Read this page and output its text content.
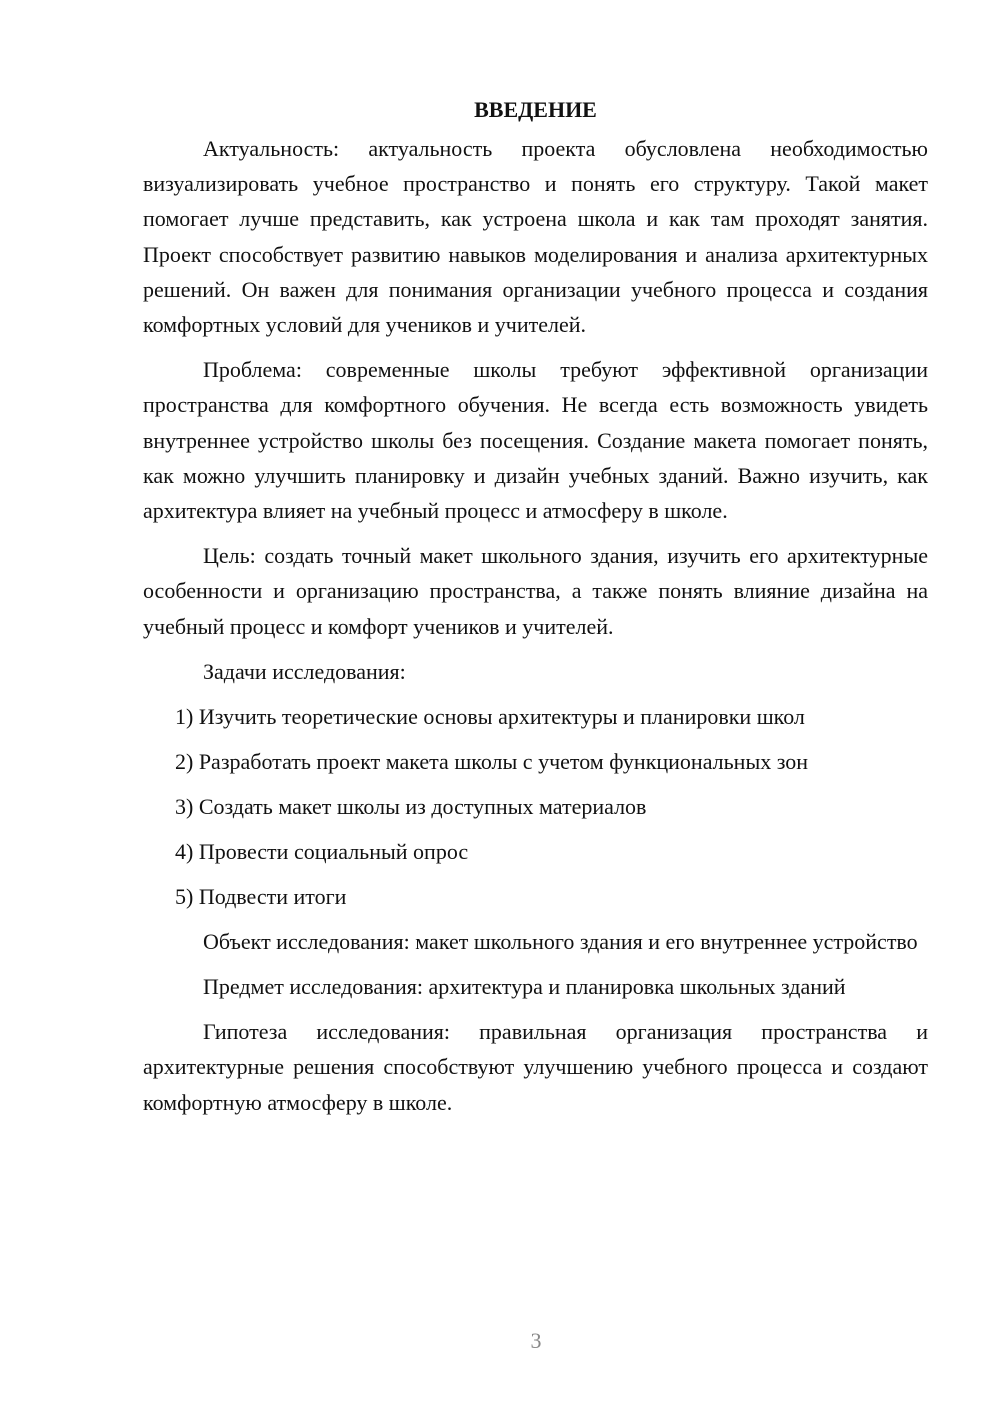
ВВЕДЕНИЕ

Актуальность: актуальность проекта обусловлена необходимостью визуализировать учебное пространство и понять его структуру. Такой макет помогает лучше представить, как устроена школа и как там проходят занятия. Проект способствует развитию навыков моделирования и анализа архитектурных решений. Он важен для понимания организации учебного процесса и создания комфортных условий для учеников и учителей.

Проблема: современные школы требуют эффективной организации пространства для комфортного обучения. Не всегда есть возможность увидеть внутреннее устройство школы без посещения. Создание макета помогает понять, как можно улучшить планировку и дизайн учебных зданий. Важно изучить, как архитектура влияет на учебный процесс и атмосферу в школе.

Цель: создать точный макет школьного здания, изучить его архитектурные особенности и организацию пространства, а также понять влияние дизайна на учебный процесс и комфорт учеников и учителей.

Задачи исследования:
1) Изучить теоретические основы архитектуры и планировки школ
2) Разработать проект макета школы с учетом функциональных зон
3) Создать макет школы из доступных материалов
4) Провести социальный опрос
5) Подвести итоги

Объект исследования: макет школьного здания и его внутреннее устройство

Предмет исследования: архитектура и планировка школьных зданий

Гипотеза исследования: правильная организация пространства и архитектурные решения способствуют улучшению учебного процесса и создают комфортную атмосферу в школе.

3
